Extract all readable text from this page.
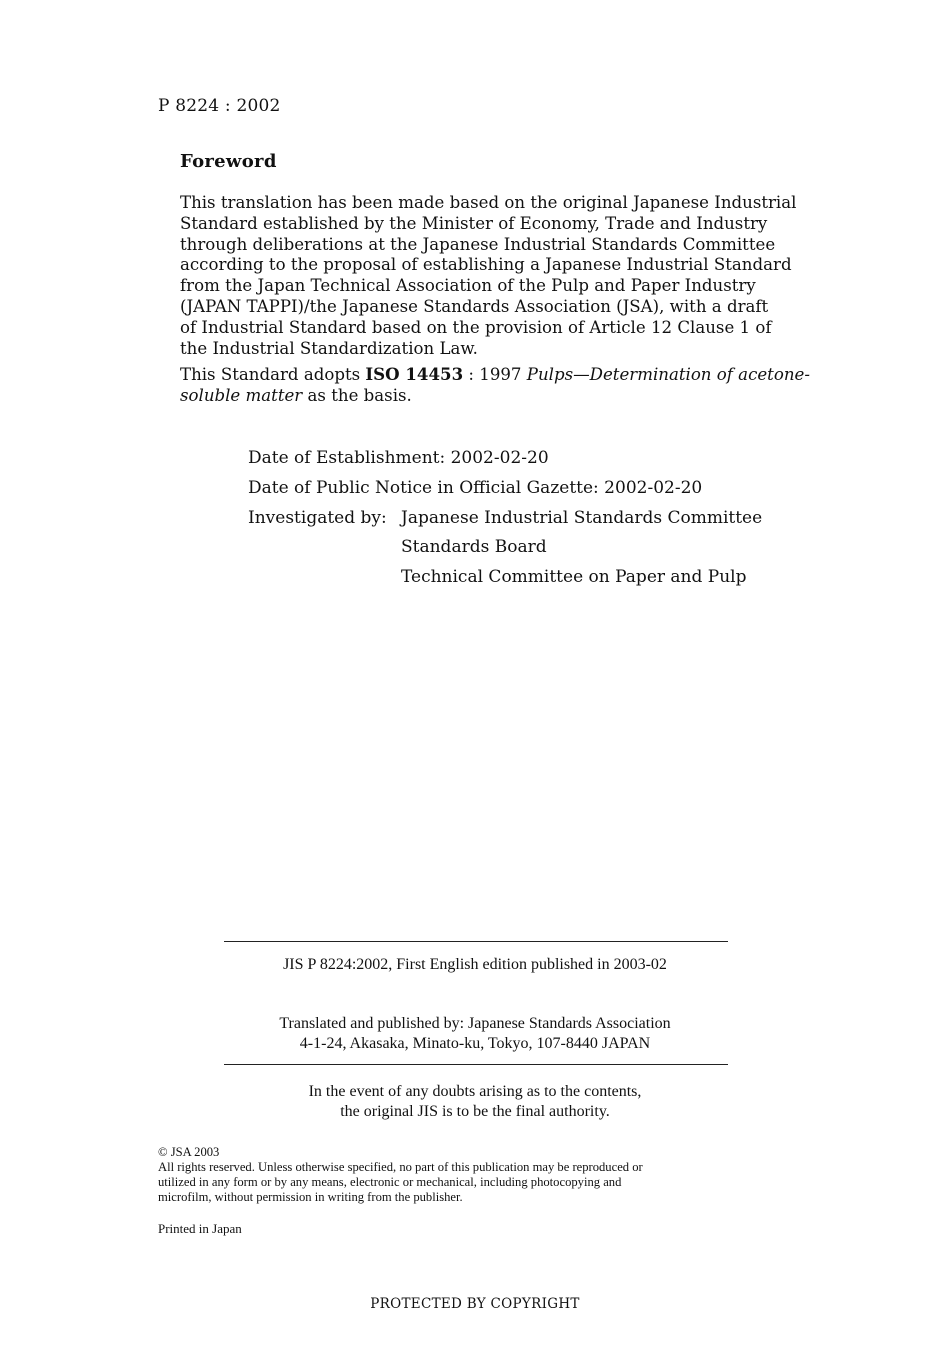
P 8224 : 2002
Foreword
This translation has been made based on the original Japanese Industrial
Standard established by the Minister of Economy, Trade and Industry
through deliberations at the Japanese Industrial Standards Committee
according to the proposal of establishing a Japanese Industrial Standard
from the Japan Technical Association of the Pulp and Paper Industry
(JAPAN TAPPI)/the Japanese Standards Association (JSA), with a draft
of Industrial Standard based on the provision of Article 12 Clause 1 of
the Industrial Standardization Law.
This Standard adopts ISO 14453 : 1997 Pulps—Determination of acetone-
soluble matter as the basis.
Date of Establishment: 2002-02-20
Date of Public Notice in Official Gazette: 2002-02-20
Investigated by: Japanese Industrial Standards Committee
Standards Board
Technical Committee on Paper and Pulp
JIS P 8224:2002, First English edition published in 2003-02
Translated and published by: Japanese Standards Association
4-1-24, Akasaka, Minato-ku, Tokyo, 107-8440 JAPAN
In the event of any doubts arising as to the contents,
the original JIS is to be the final authority.
© JSA 2003
All rights reserved. Unless otherwise specified, no part of this publication may be reproduced or
utilized in any form or by any means, electronic or mechanical, including photocopying and
microfilm, without permission in writing from the publisher.
Printed in Japan
PROTECTED BY COPYRIGHT
